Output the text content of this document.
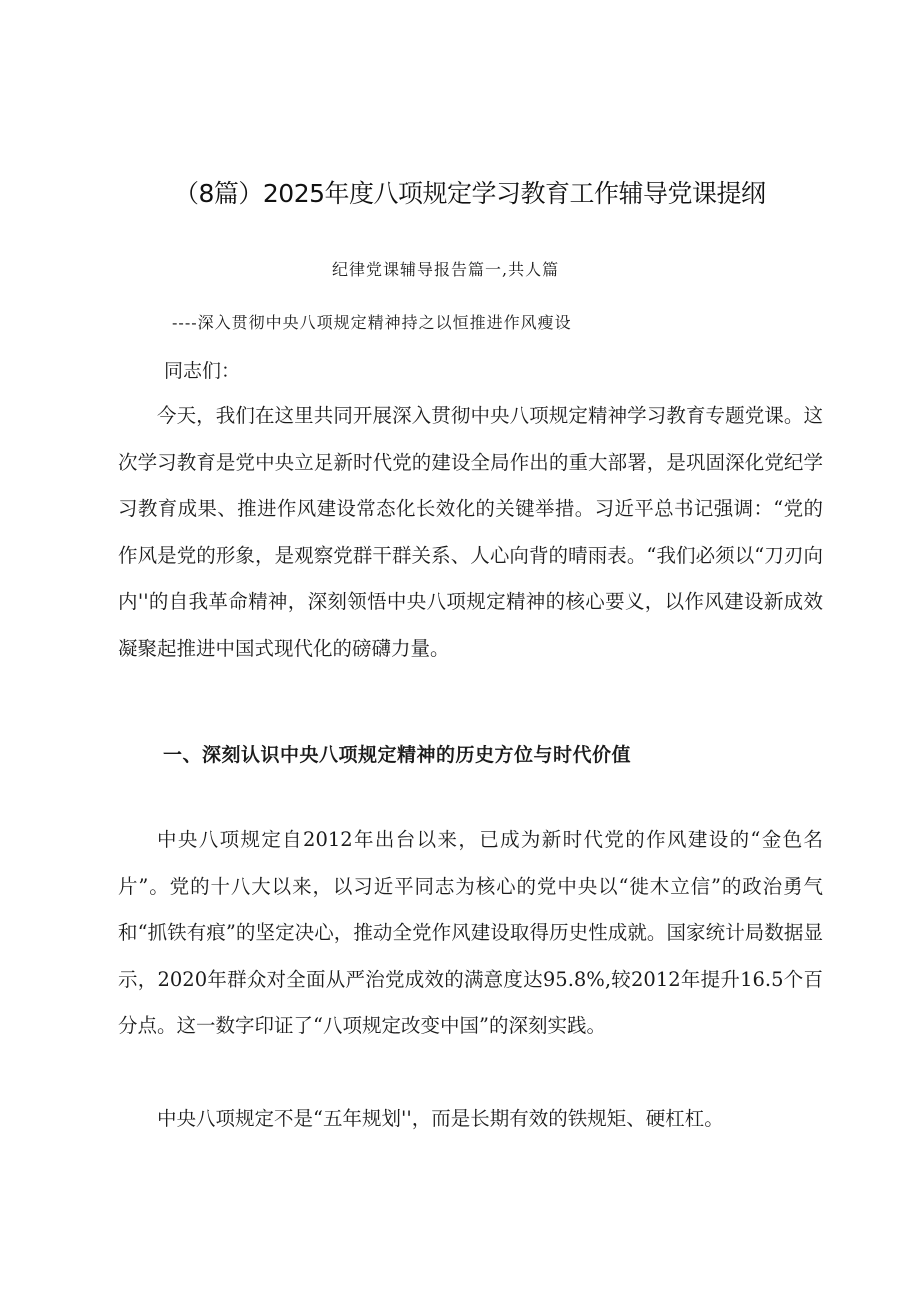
（8篇）2025年度八项规定学习教育工作辅导党课提纲
纪律党课辅导报告篇一,共人篇
----深入贯彻中央八项规定精神持之以恒推进作风瘦设
同志们：
今天，我们在这里共同开展深入贯彻中央八项规定精神学习教育专题党课。这次学习教育是党中央立足新时代党的建设全局作出的重大部署，是巩固深化党纪学习教育成果、推进作风建设常态化长效化的关键举措。习近平总书记强调：“党的作风是党的形象，是观察党群干群关系、人心向背的晴雨表。“我们必须以“刀刃向内''的自我革命精神，深刻领悟中央八项规定精神的核心要义，以作风建设新成效凝聚起推进中国式现代化的磅礴力量。
一、深刻认识中央八项规定精神的历史方位与时代价值
中央八项规定自2012年出台以来，已成为新时代党的作风建设的“金色名片”。党的十八大以来，以习近平同志为核心的党中央以“徙木立信”的政治勇气和“抓铁有痕”的坚定决心，推动全党作风建设取得历史性成就。国家统计局数据显示，2020年群众对全面从严治党成效的满意度达95.8%,较2012年提升16.5个百分点。这一数字印证了“八项规定改变中国”的深刻实践。
中央八项规定不是“五年规划''，而是长期有效的铁规矩、硬杠杠。
